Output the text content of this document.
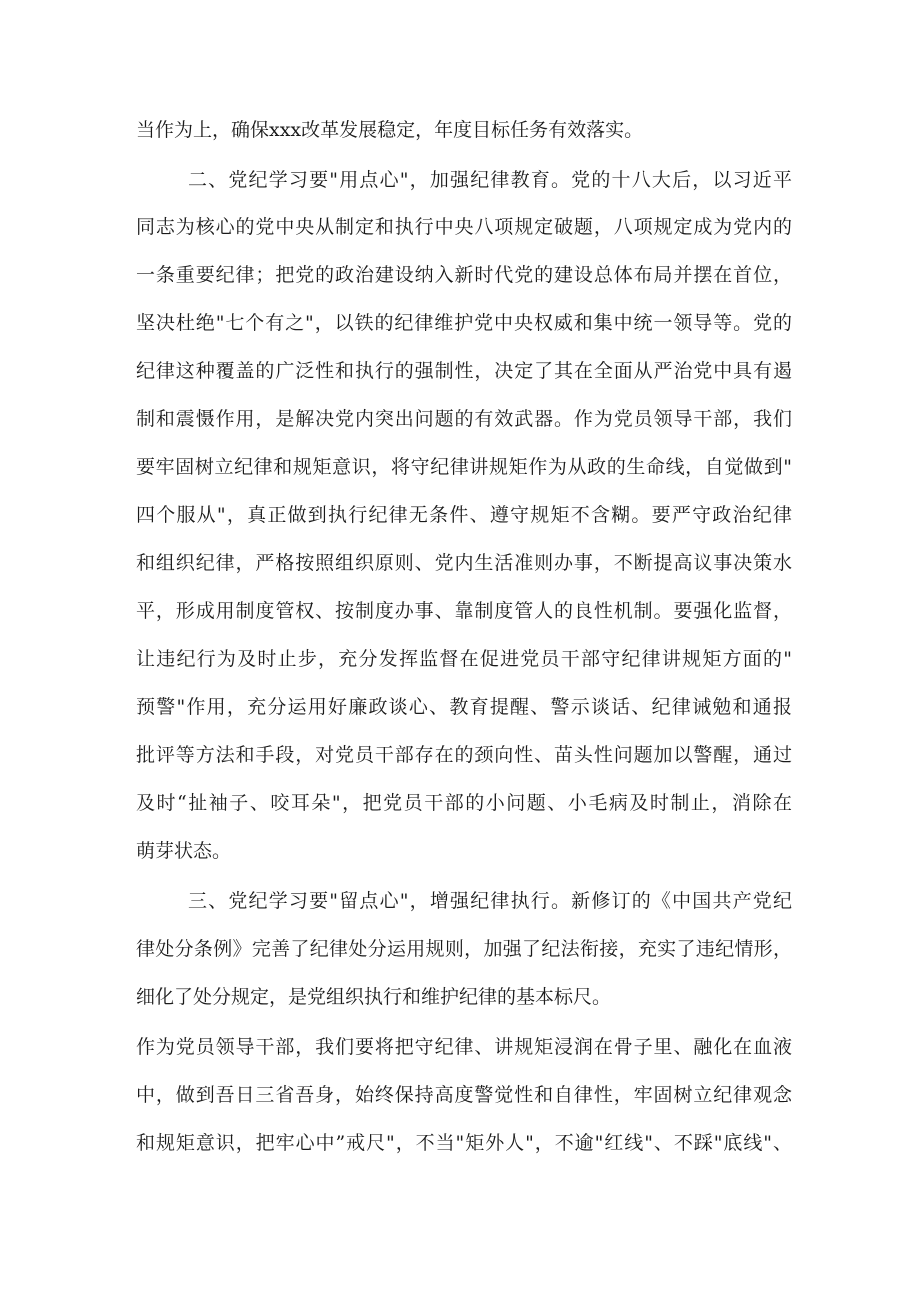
当作为上，确保xxx改革发展稳定，年度目标任务有效落实。
二、党纪学习要"用点心"，加强纪律教育。党的十八大后，以习近平
同志为核心的党中央从制定和执行中央八项规定破题，八项规定成为党内的
一条重要纪律；把党的政治建设纳入新时代党的建设总体布局并摆在首位，
坚决杜绝"七个有之"，以铁的纪律维护党中央权威和集中统一领导等。党的
纪律这种覆盖的广泛性和执行的强制性，决定了其在全面从严治党中具有遏
制和震慑作用，是解决党内突出问题的有效武器。作为党员领导干部，我们
要牢固树立纪律和规矩意识，将守纪律讲规矩作为从政的生命线，自觉做到"
四个服从"，真正做到执行纪律无条件、遵守规矩不含糊。要严守政治纪律
和组织纪律，严格按照组织原则、党内生活准则办事，不断提高议事决策水
平，形成用制度管权、按制度办事、靠制度管人的良性机制。要强化监督，
让违纪行为及时止步，充分发挥监督在促进党员干部守纪律讲规矩方面的"
预警"作用，充分运用好廉政谈心、教育提醒、警示谈话、纪律诫勉和通报
批评等方法和手段，对党员干部存在的颈向性、苗头性问题加以警醒，通过
及时“扯袖子、咬耳朵"，把党员干部的小问题、小毛病及时制止，消除在
萌芽状态。
三、党纪学习要"留点心"，增强纪律执行。新修订的《中国共产党纪
律处分条例》完善了纪律处分运用规则，加强了纪法衔接，充实了违纪情形，
细化了处分规定，是党组织执行和维护纪律的基本标尺。
作为党员领导干部，我们要将把守纪律、讲规矩浸润在骨子里、融化在血液
中，做到吾日三省吾身，始终保持高度警觉性和自律性，牢固树立纪律观念
和规矩意识，把牢心中”戒尺"，不当"矩外人"，不逾"红线"、不踩"底线"、
